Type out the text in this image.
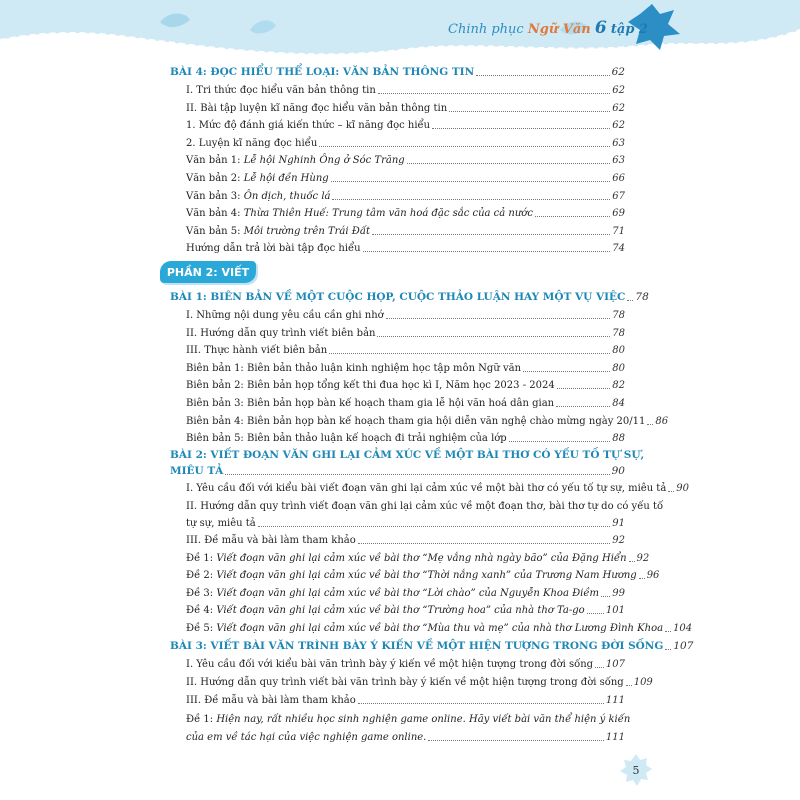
Chinh phục Ngữ Văn 6 tập 2
BÀI 4: ĐỌC HIỂU THỂ LOẠI: VĂN BẢN THÔNG TIN	62
I. Tri thức đọc hiểu văn bản thông tin	62
II. Bài tập luyện kĩ năng đọc hiểu văn bản thông tin	62
1. Mức độ đánh giá kiến thức – kĩ năng đọc hiểu	62
2. Luyện kĩ năng đọc hiểu	63
Văn bản 1: Lễ hội Nghinh Ông ở Sóc Trăng	63
Văn bản 2: Lễ hội đền Hùng	66
Văn bản 3: Ôn dịch, thuốc lá	67
Văn bản 4: Thừa Thiên Huế: Trung tâm văn hoá đặc sắc của cả nước	69
Văn bản 5: Môi trường trên Trái Đất	71
Hướng dẫn trả lời bài tập đọc hiểu	74
PHẦN 2: VIẾT
BÀI 1: BIÊN BẢN VỀ MỘT CUỘC HỌP, CUỘC THẢO LUẬN HAY MỘT VỤ VIỆC 78
I. Những nội dung yêu cầu cần ghi nhớ	78
II. Hướng dẫn quy trình viết biên bản	78
III. Thực hành viết biên bản	80
Biên bản 1: Biên bản thảo luận kinh nghiệm học tập môn Ngữ văn	80
Biên bản 2: Biên bản họp tổng kết thi đua học kì I, Năm học 2023 - 2024	82
Biên bản 3: Biên bản họp bàn kế hoạch tham gia lễ hội văn hoá dân gian	84
Biên bản 4: Biên bản họp bàn kế hoạch tham gia hội diễn văn nghệ chào mừng ngày 20/11 86
Biên bản 5: Biên bản thảo luận kế hoạch đi trải nghiệm của lớp	88
BÀI 2: VIẾT ĐOẠN VĂN GHI LẠI CẢM XÚC VỀ MỘT BÀI THƠ CÓ YẾU TỐ TỰ SỰ,
MIÊU TẢ	90
I. Yêu cầu đối với kiểu bài viết đoạn văn ghi lại cảm xúc về một bài thơ có yếu tố tự sự, miêu tả 90
II. Hướng dẫn quy trình viết đoạn văn ghi lại cảm xúc về một đoạn thơ, bài thơ tự do có yếu tố
tự sự, miêu tả	91
III. Đề mẫu và bài làm tham khảo	92
Đề 1: Viết đoạn văn ghi lại cảm xúc về bài thơ “Mẹ vắng nhà ngày bão” của Đặng Hiển 92
Đề 2: Viết đoạn văn ghi lại cảm xúc về bài thơ “Thời nắng xanh” của Trương Nam Hương 96
Đề 3: Viết đoạn văn ghi lại cảm xúc về bài thơ “Lời chào” của Nguyễn Khoa Điềm 99
Đề 4: Viết đoạn văn ghi lại cảm xúc về bài thơ “Trường hoa” của nhà thơ Ta-go 101
Đề 5: Viết đoạn văn ghi lại cảm xúc về bài thơ “Mùa thu và mẹ” của nhà thơ Lương Đình Khoa 104
BÀI 3: VIẾT BÀI VĂN TRÌNH BÀY Ý KIẾN VỀ MỘT HIỆN TƯỢNG TRONG ĐỜI SỐNG 107
I. Yêu cầu đối với kiểu bài văn trình bày ý kiến về một hiện tượng trong đời sống 107
II. Hướng dẫn quy trình viết bài văn trình bày ý kiến về một hiện tượng trong đời sống 109
III. Đề mẫu và bài làm tham khảo	111
Đề 1: Hiện nay, rất nhiều học sinh nghiện game online. Hãy viết bài văn thể hiện ý kiến
của em về tác hại của việc nghiện game online.	111
5
